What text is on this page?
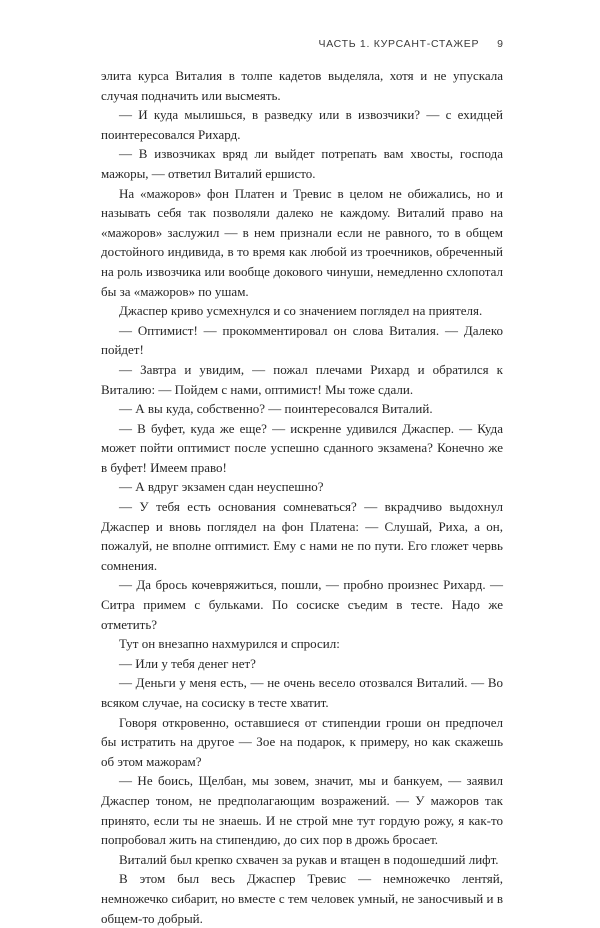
ЧАСТЬ 1. КУРСАНТ-СТАЖЕР 9

элита курса Виталия в толпе кадетов выделяла, хотя и не упускала случая подначить или высмеять.

— И куда мылишься, в разведку или в извозчики? — с ехидцей поинтересовался Рихард.

— В извозчиках вряд ли выйдет потрепать вам хвосты, господа мажоры, — ответил Виталий ершисто.

На «мажоров» фон Платен и Тревис в целом не обижались, но и называть себя так позволяли далеко не каждому. Виталий право на «мажоров» заслужил — в нем признали если не равного, то в общем достойного индивида, в то время как любой из троечников, обреченный на роль извозчика или вообще докового чинуши, немедленно схлопотал бы за «мажоров» по ушам.

Джаспер криво усмехнулся и со значением поглядел на приятеля.

— Оптимист! — прокомментировал он слова Виталия. — Далеко пойдет!

— Завтра и увидим, — пожал плечами Рихард и обратился к Виталию: — Пойдем с нами, оптимист! Мы тоже сдали.

— А вы куда, собственно? — поинтересовался Виталий.

— В буфет, куда же еще? — искренне удивился Джаспер. — Куда может пойти оптимист после успешно сданного экзамена? Конечно же в буфет! Имеем право!

— А вдруг экзамен сдан неуспешно?

— У тебя есть основания сомневаться? — вкрадчиво выдохнул Джаспер и вновь поглядел на фон Платена: — Слушай, Риха, а он, пожалуй, не вполне оптимист. Ему с нами не по пути. Его гложет червь сомнения.

— Да брось кочевряжиться, пошли, — пробно произнес Рихард. — Ситра примем с бульками. По сосиске съедим в тесте. Надо же отметить?

Тут он внезапно нахмурился и спросил:

— Или у тебя денег нет?

— Деньги у меня есть, — не очень весело отозвался Виталий. — Во всяком случае, на сосиску в тесте хватит.

Говоря откровенно, оставшиеся от стипендии гроши он предпочел бы истратить на другое — Зое на подарок, к примеру, но как скажешь об этом мажорам?

— Не боись, Щелбан, мы зовем, значит, мы и банкуем, — заявил Джаспер тоном, не предполагающим возражений. — У мажоров так принято, если ты не знаешь. И не строй мне тут гордую рожу, я как-то попробовал жить на стипендию, до сих пор в дрожь бросает.

Виталий был крепко схвачен за рукав и втащен в подошедший лифт.

В этом был весь Джаспер Тревис — немножечко лентяй, немножечко сибарит, но вместе с тем человек умный, не заносчивый и в общем-то добрый.
